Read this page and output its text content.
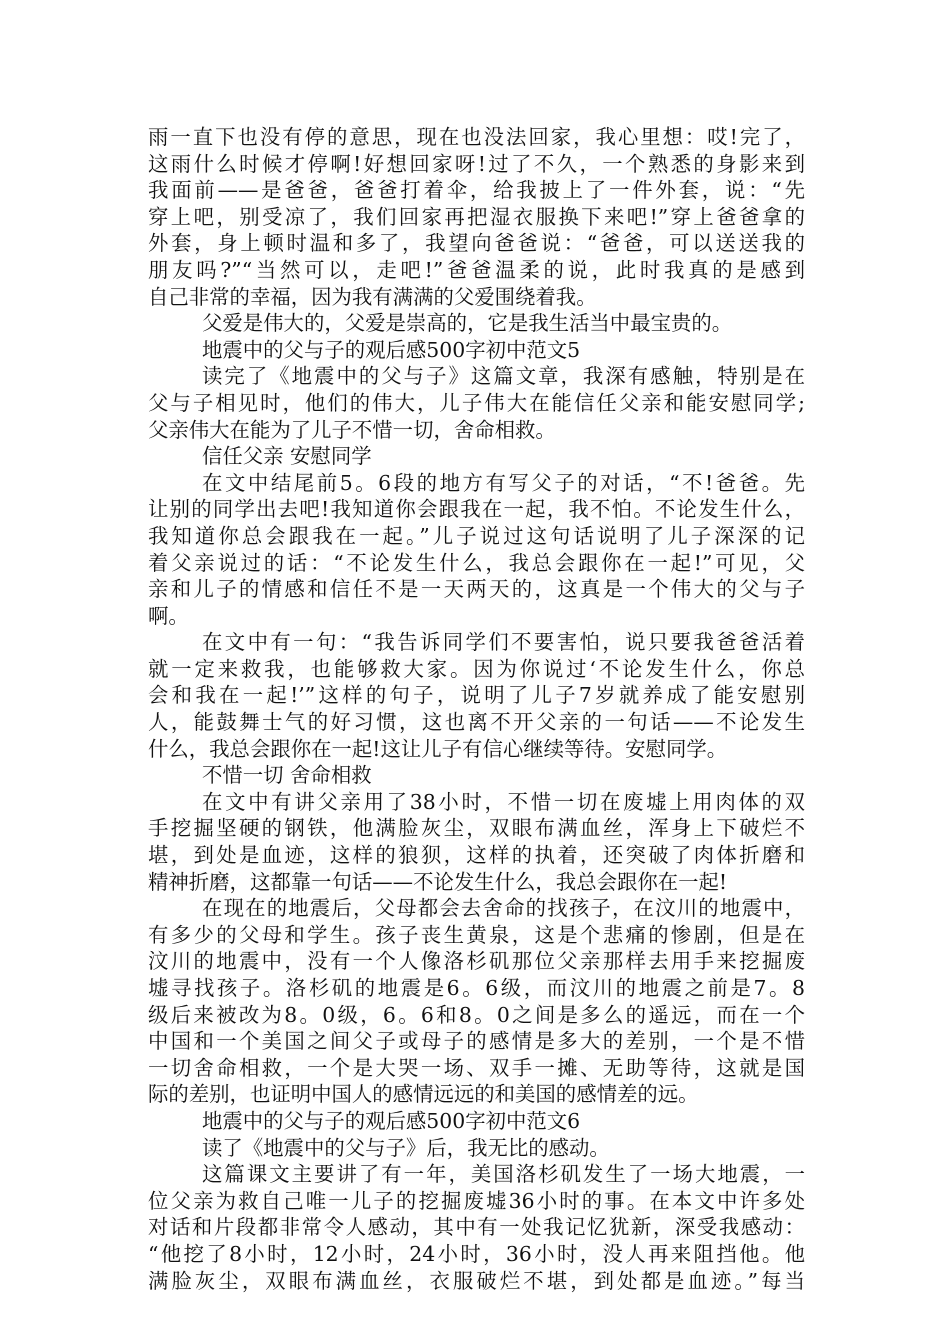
雨一直下也没有停的意思，现在也没法回家，我心里想：哎!完了，
这雨什么时候才停啊!好想回家呀!过了不久，一个熟悉的身影来到
我面前——是爸爸，爸爸打着伞，给我披上了一件外套，说：“先
穿上吧，别受凉了，我们回家再把湿衣服换下来吧!”穿上爸爸拿的
外套，身上顿时温和多了，我望向爸爸说：“爸爸，可以送送我的
朋友吗?”“当然可以，走吧!”爸爸温柔的说，此时我真的是感到
自己非常的幸福，因为我有满满的父爱围绕着我。
父爱是伟大的，父爱是崇高的，它是我生活当中最宝贵的。
地震中的父与子的观后感500字初中范文5
读完了《地震中的父与子》这篇文章，我深有感触，特别是在
父与子相见时，他们的伟大，儿子伟大在能信任父亲和能安慰同学;
父亲伟大在能为了儿子不惜一切，舍命相救。
信任父亲 安慰同学
在文中结尾前5。6段的地方有写父子的对话，“不!爸爸。先
让别的同学出去吧!我知道你会跟我在一起，我不怕。不论发生什么，
我知道你总会跟我在一起。”儿子说过这句话说明了儿子深深的记
着父亲说过的话：“不论发生什么，我总会跟你在一起!”可见，父
亲和儿子的情感和信任不是一天两天的，这真是一个伟大的父与子
啊。
在文中有一句：“我告诉同学们不要害怕，说只要我爸爸活着
就一定来救我，也能够救大家。因为你说过‘不论发生什么，你总
会和我在一起!’”这样的句子，说明了儿子7岁就养成了能安慰别
人，能鼓舞士气的好习惯，这也离不开父亲的一句话——不论发生
什么，我总会跟你在一起!这让儿子有信心继续等待。安慰同学。
不惜一切 舍命相救
在文中有讲父亲用了38小时，不惜一切在废墟上用肉体的双
手挖掘坚硬的钢铁，他满脸灰尘，双眼布满血丝，浑身上下破烂不
堪，到处是血迹，这样的狼狈，这样的执着，还突破了肉体折磨和
精神折磨，这都靠一句话——不论发生什么，我总会跟你在一起!
在现在的地震后，父母都会去舍命的找孩子，在汶川的地震中，
有多少的父母和学生。孩子丧生黄泉，这是个悲痛的惨剧，但是在
汶川的地震中，没有一个人像洛杉矶那位父亲那样去用手来挖掘废
墟寻找孩子。洛杉矶的地震是6。6级，而汶川的地震之前是7。8
级后来被改为8。0级，6。6和8。0之间是多么的遥远，而在一个
中国和一个美国之间父子或母子的感情是多大的差别，一个是不惜
一切舍命相救，一个是大哭一场、双手一摊、无助等待，这就是国
际的差别，也证明中国人的感情远远的和美国的感情差的远。
地震中的父与子的观后感500字初中范文6
读了《地震中的父与子》后，我无比的感动。
这篇课文主要讲了有一年，美国洛杉矶发生了一场大地震，一
位父亲为救自己唯一儿子的挖掘废墟36小时的事。在本文中许多处
对话和片段都非常令人感动，其中有一处我记忆犹新，深受我感动：
“他挖了8小时，12小时，24小时，36小时，没人再来阻挡他。他
满脸灰尘，双眼布满血丝，衣服破烂不堪，到处都是血迹。”每当
